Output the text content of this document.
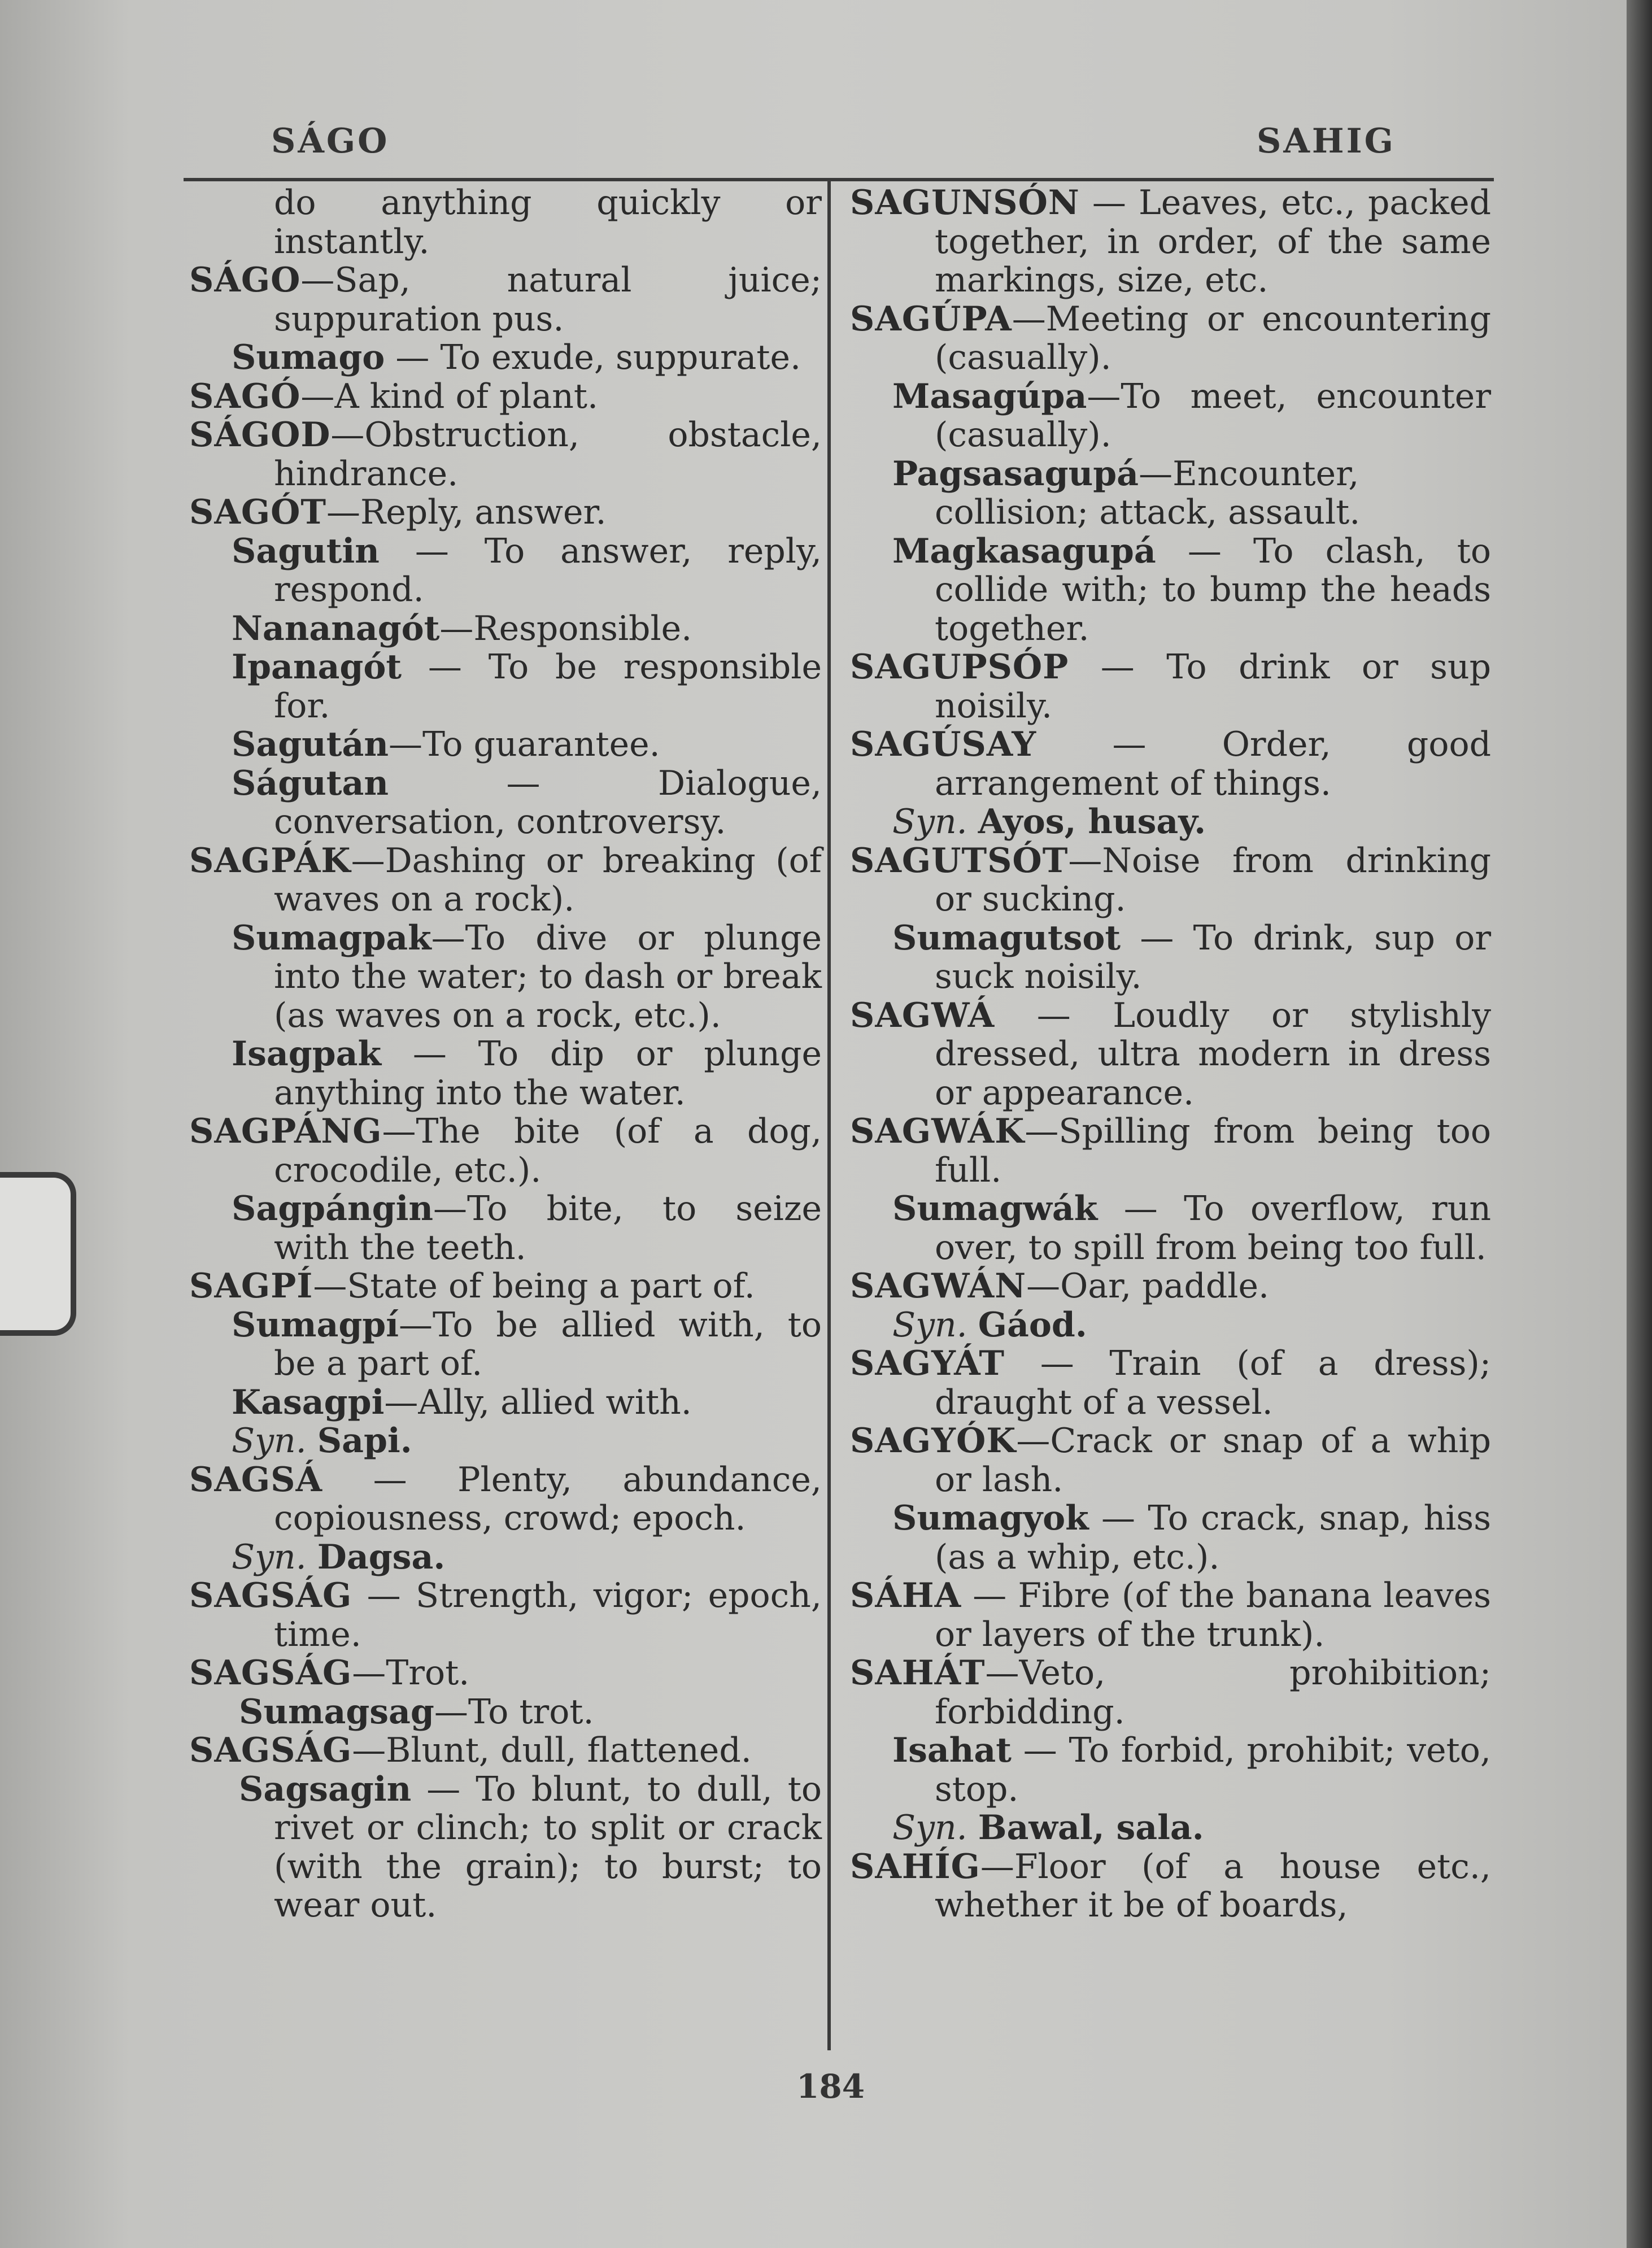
SÁGO	SAHIG
do anything quickly or instantly.
SÁGO—Sap, natural juice; suppuration pus.
Sumago — To exude, suppurate.
SAGÓ—A kind of plant.
SÁGOD—Obstruction, obstacle, hindrance.
SAGÓT—Reply, answer.
Sagutin — To answer, reply, respond.
Nananagót—Responsible.
Ipanagót — To be responsible for.
Sagután—To guarantee.
Ságutan — Dialogue, conversation, controversy.
SAGPÁK—Dashing or breaking (of waves on a rock).
Sumagpak—To dive or plunge into the water; to dash or break (as waves on a rock, etc.).
Isagpak — To dip or plunge anything into the water.
SAGPÁNG—The bite (of a dog, crocodile, etc.).
Sagpángin—To bite, to seize with the teeth.
SAGPÍ—State of being a part of.
Sumagpí—To be allied with, to be a part of.
Kasagpi—Ally, allied with.
Syn. Sapi.
SAGSÁ — Plenty, abundance, copiousness, crowd; epoch.
Syn. Dagsa.
SAGSÁG — Strength, vigor; epoch, time.
SAGSÁG—Trot.
Sumagsag—To trot.
SAGSÁG—Blunt, dull, flattened.
Sagsagin — To blunt, to dull, to rivet or clinch; to split or crack (with the grain); to burst; to wear out.
SAGUNSÓN — Leaves, etc., packed together, in order, of the same markings, size, etc.
SAGÚPA—Meeting or encountering (casually).
Masagúpa—To meet, encounter (casually).
Pagsasagupá—Encounter, collision; attack, assault.
Magkasagupá — To clash, to collide with; to bump the heads together.
SAGUPSÓP — To drink or sup noisily.
SAGÚSAY — Order, good arrangement of things.
Syn. Ayos, husay.
SAGUTSÓT—Noise from drinking or sucking.
Sumagutsot — To drink, sup or suck noisily.
SAGWÁ — Loudly or stylishly dressed, ultra modern in dress or appearance.
SAGWÁK—Spilling from being too full.
Sumagwák — To overflow, run over, to spill from being too full.
SAGWÁN—Oar, paddle.
Syn. Gáod.
SAGYÁT — Train (of a dress); draught of a vessel.
SAGYÓK—Crack or snap of a whip or lash.
Sumagyok — To crack, snap, hiss (as a whip, etc.).
SÁHA — Fibre (of the banana leaves or layers of the trunk).
SAHÁT—Veto, prohibition; forbidding.
Isahat — To forbid, prohibit; veto, stop.
Syn. Bawal, sala.
SAHÍG—Floor (of a house etc., whether it be of boards,
184
